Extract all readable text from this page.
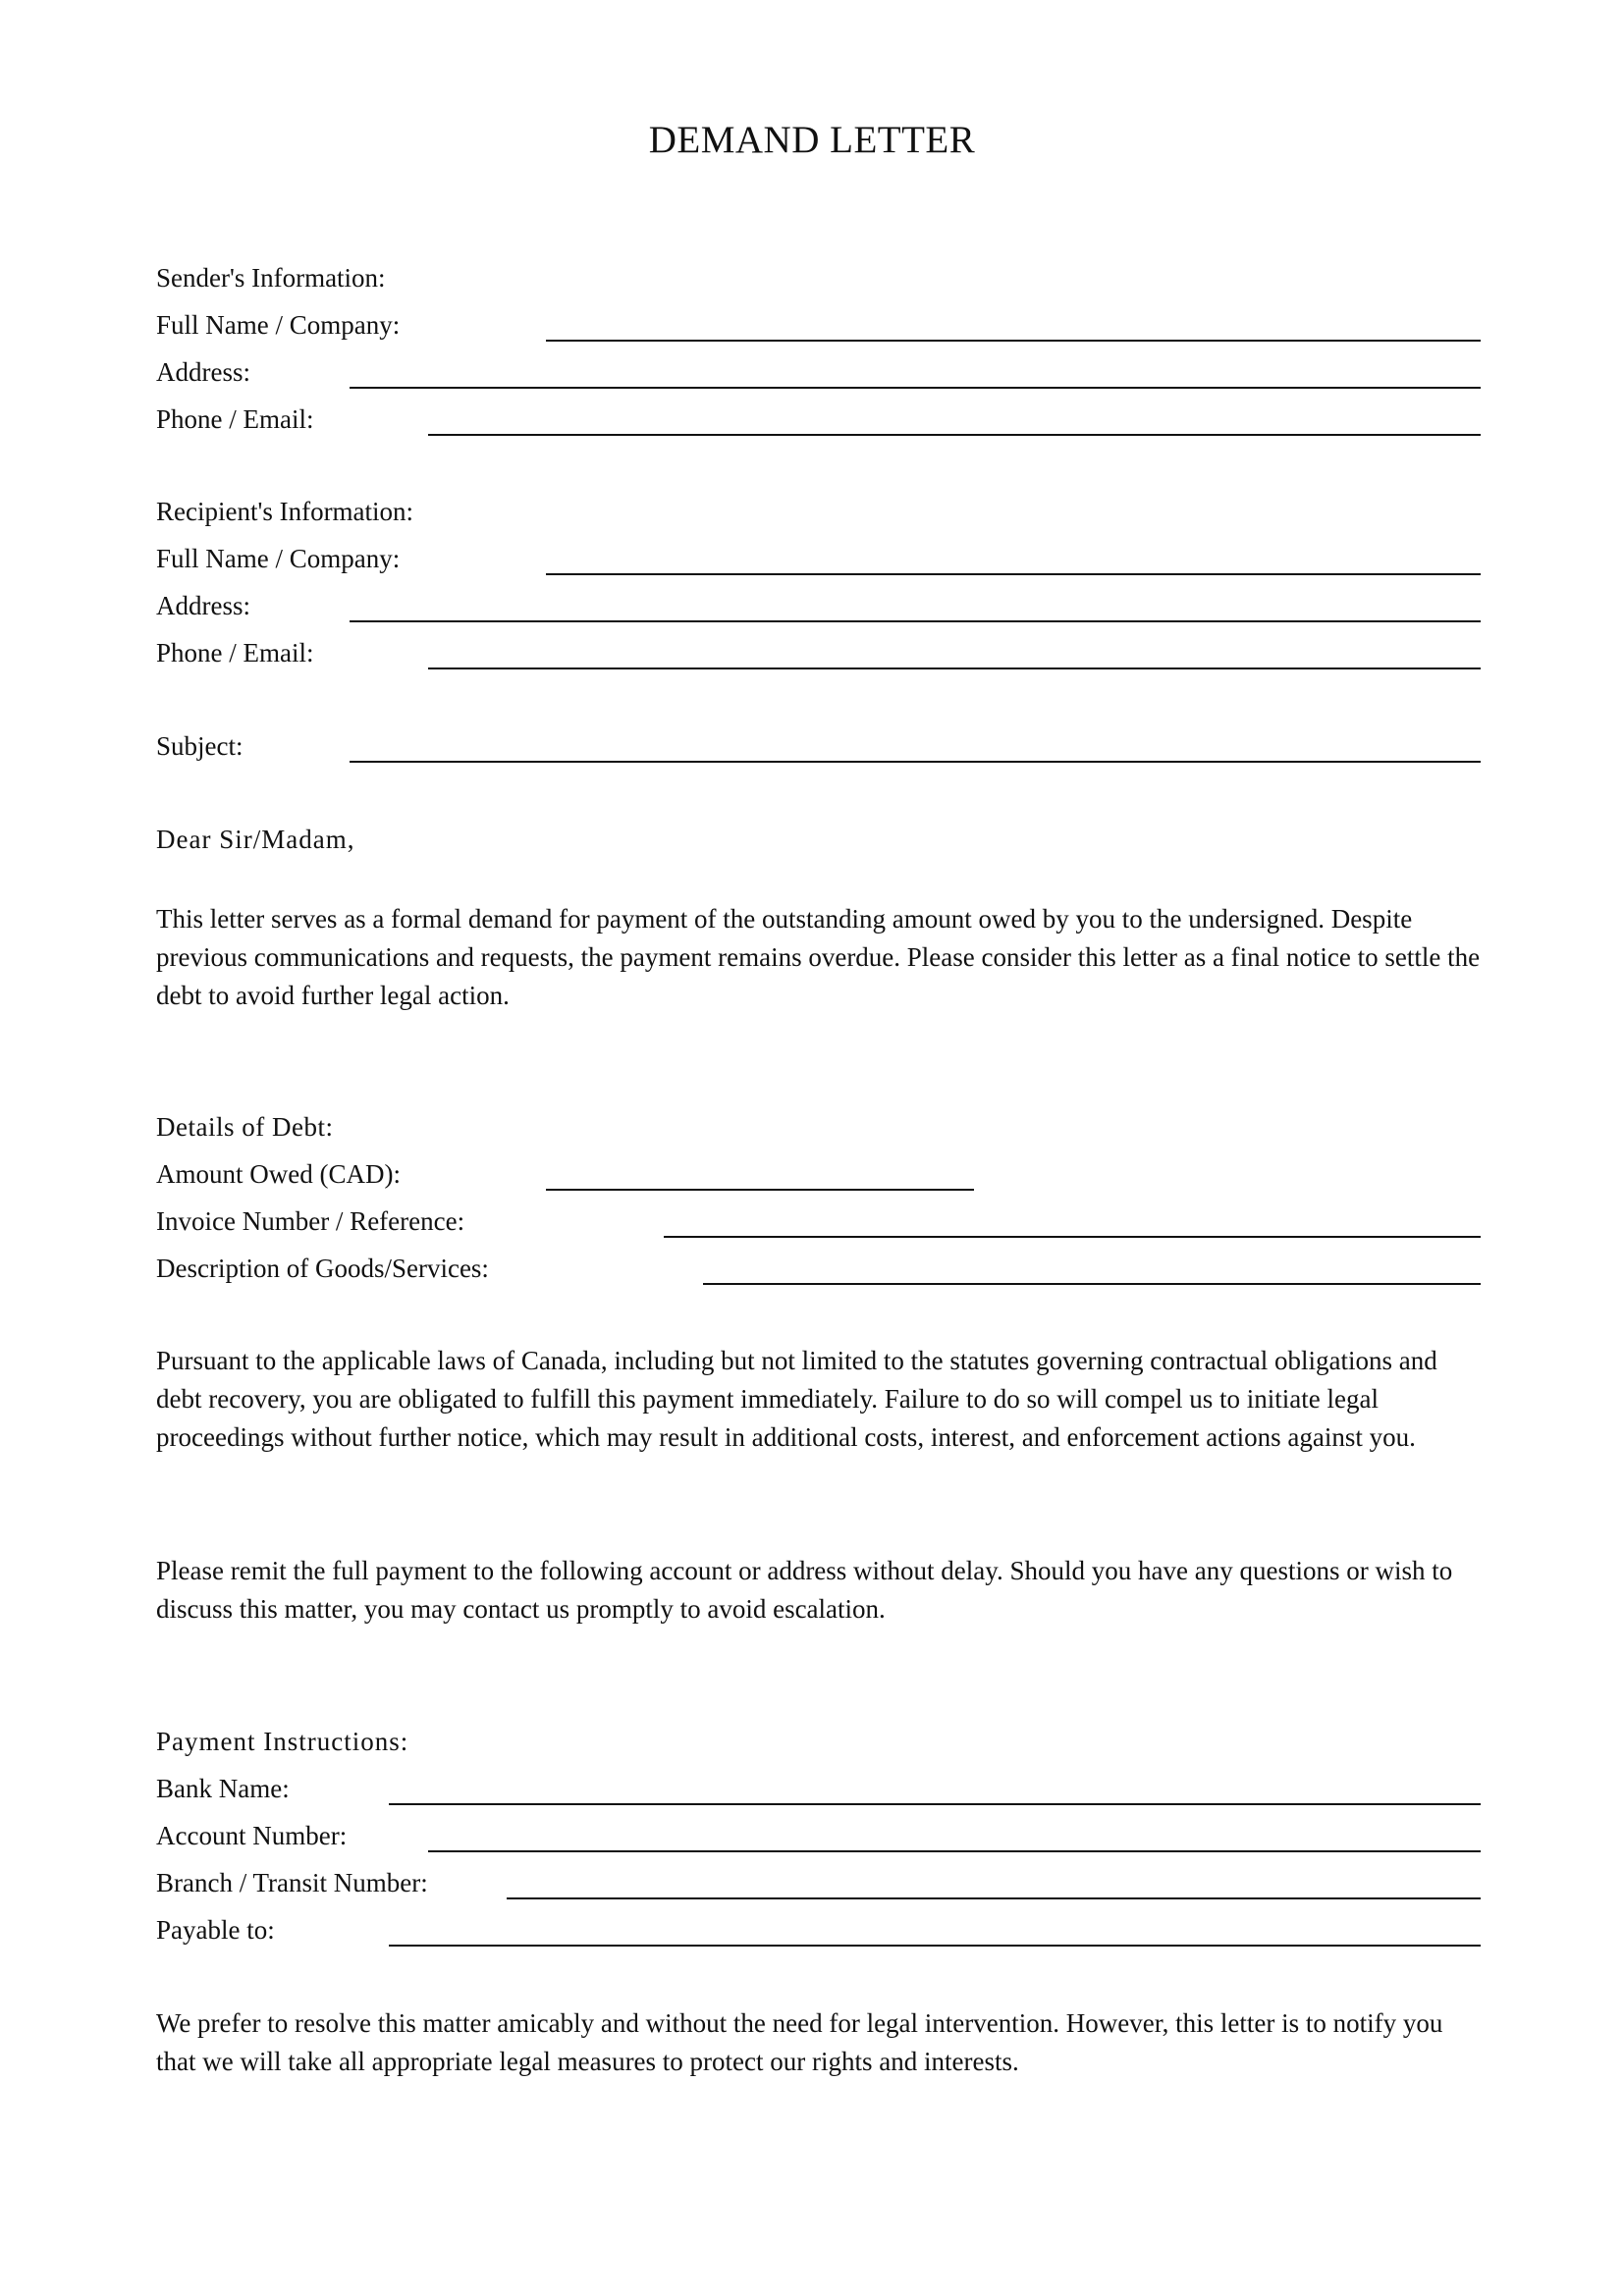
DEMAND LETTER
Sender's Information:
Full Name / Company:
Address:
Phone / Email:
Recipient's Information:
Full Name / Company:
Address:
Phone / Email:
Subject:
Dear Sir/Madam,
This letter serves as a formal demand for payment of the outstanding amount owed by you to the undersigned. Despite previous communications and requests, the payment remains overdue. Please consider this letter as a final notice to settle the debt to avoid further legal action.
Details of Debt:
Amount Owed (CAD):
Invoice Number / Reference:
Description of Goods/Services:
Pursuant to the applicable laws of Canada, including but not limited to the statutes governing contractual obligations and debt recovery, you are obligated to fulfill this payment immediately. Failure to do so will compel us to initiate legal proceedings without further notice, which may result in additional costs, interest, and enforcement actions against you.
Please remit the full payment to the following account or address without delay. Should you have any questions or wish to discuss this matter, you may contact us promptly to avoid escalation.
Payment Instructions:
Bank Name:
Account Number:
Branch / Transit Number:
Payable to:
We prefer to resolve this matter amicably and without the need for legal intervention. However, this letter is to notify you that we will take all appropriate legal measures to protect our rights and interests.
